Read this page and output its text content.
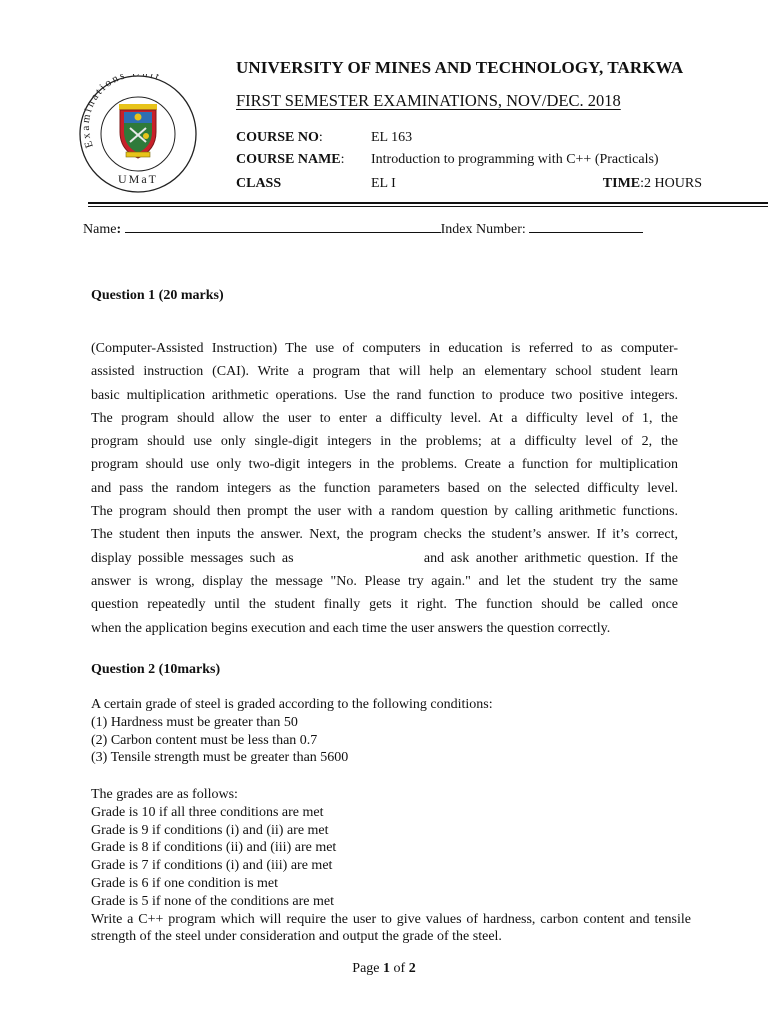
Examinations it
UMaT
UNIVERSITY OF MINES AND TECHNOLOGY, TARKWA
FIRST SEMESTER EXAMINATIONS, NOV/DEC. 2018
COURSE NO:	EL 163
COURSE NAME: Introduction to programming with C++ (Practicals)
CLASS	EL I	TIME:2 HOURS
Name:	Index Number:
Question 1 (20 marks)
(Computer-Assisted Instruction) The use of computers in education is referred to as computer-
assisted instruction (CAI). Write a program that will help an elementary school student learn
basic multiplication arithmetic operations. Use the rand function to produce two positive integers.
The program should allow the user to enter a difficulty level. At a difficulty level of 1, the
program should use only single-digit integers in the problems; at a difficulty level of 2, the
program should use only two-digit integers in the problems. Create a function for multiplication
and pass the random integers as the function parameters based on the selected difficulty level.
The program should then prompt the user with a random question by calling arithmetic functions.
The student then inputs the answer. Next, the program checks the student’s answer. If it’s correct,
display possible messages such as                    and ask another arithmetic question. If the
answer is wrong, display the message "No. Please try again." and let the student try the same
question repeatedly until the student finally gets it right. The function should be called once
when the application begins execution and each time the user answers the question correctly.
Question 2 (10marks)
A certain grade of steel is graded according to the following conditions:
(1) Hardness must be greater than 50
(2) Carbon content must be less than 0.7
(3) Tensile strength must be greater than 5600
The grades are as follows:
Grade is 10 if all three conditions are met
Grade is 9 if conditions (i) and (ii) are met
Grade is 8 if conditions (ii) and (iii) are met
Grade is 7 if conditions (i) and (iii) are met
Grade is 6 if one condition is met
Grade is 5 if none of the conditions are met
Write a C++ program which will require the user to give values of hardness, carbon content and tensile strength of the steel under consideration and output the grade of the steel.
Page 1 of 2
